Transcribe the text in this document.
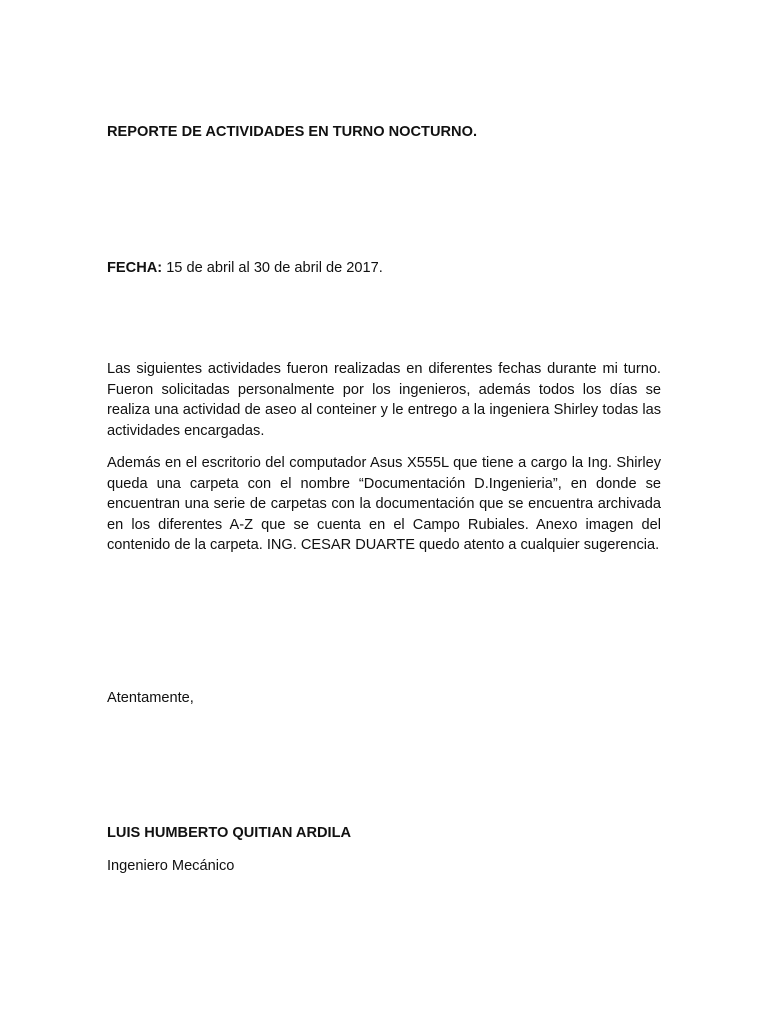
REPORTE DE ACTIVIDADES EN TURNO NOCTURNO.

FECHA: 15 de abril al 30 de abril de 2017.

Las siguientes actividades fueron realizadas en diferentes fechas durante mi turno. Fueron solicitadas personalmente por los ingenieros, además todos los días se realiza una actividad de aseo al conteiner y le entrego a la ingeniera Shirley todas las actividades encargadas.

Además en el escritorio del computador Asus X555L que tiene a cargo la Ing. Shirley queda una carpeta con el nombre “Documentación D.Ingenieria”, en donde se encuentran una serie de carpetas con la documentación que se encuentra archivada en los diferentes A-Z que se cuenta en el Campo Rubiales. Anexo imagen del contenido de la carpeta. ING. CESAR DUARTE quedo atento a cualquier sugerencia.

Atentamente,

LUIS HUMBERTO QUITIAN ARDILA

Ingeniero Mecánico
